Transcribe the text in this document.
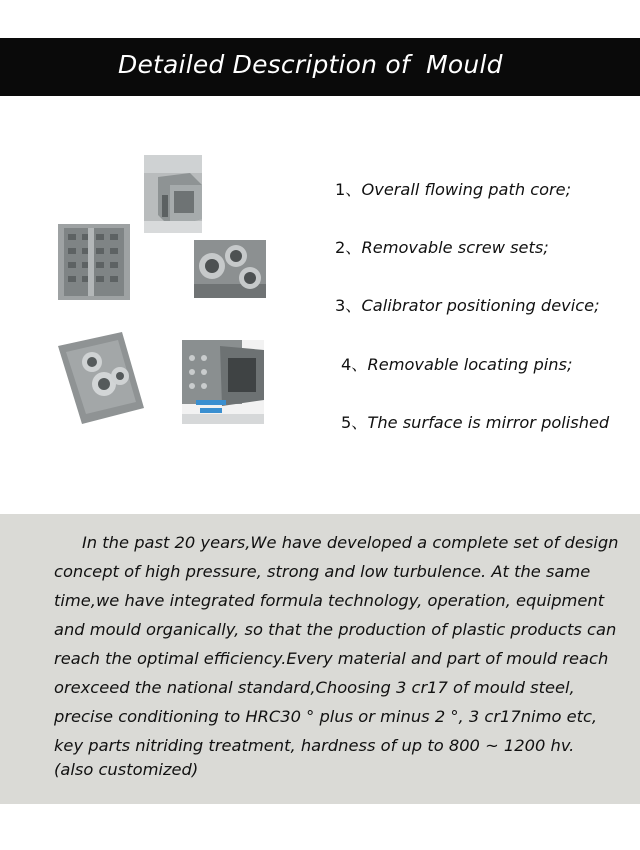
Detailed Description of  Mould
1、Overall flowing path core;
2、Removable screw sets;
3、Calibrator positioning device;
4、Removable locating pins;
5、The surface is mirror polished

In the past 20 years,We have developed a complete set of design concept of high pressure, strong and low turbulence. At the same time,we have integrated formula technology, operation, equipment and mould organically, so that the production of plastic products can reach the optimal efficiency.Every material and part of mould reach orexceed the national standard,Choosing 3 cr17 of mould steel, precise conditioning to HRC30 ° plus or minus 2 °, 3 cr17nimo etc, key parts nitriding treatment, hardness of up to 800 ~ 1200 hv.

(also customized)
